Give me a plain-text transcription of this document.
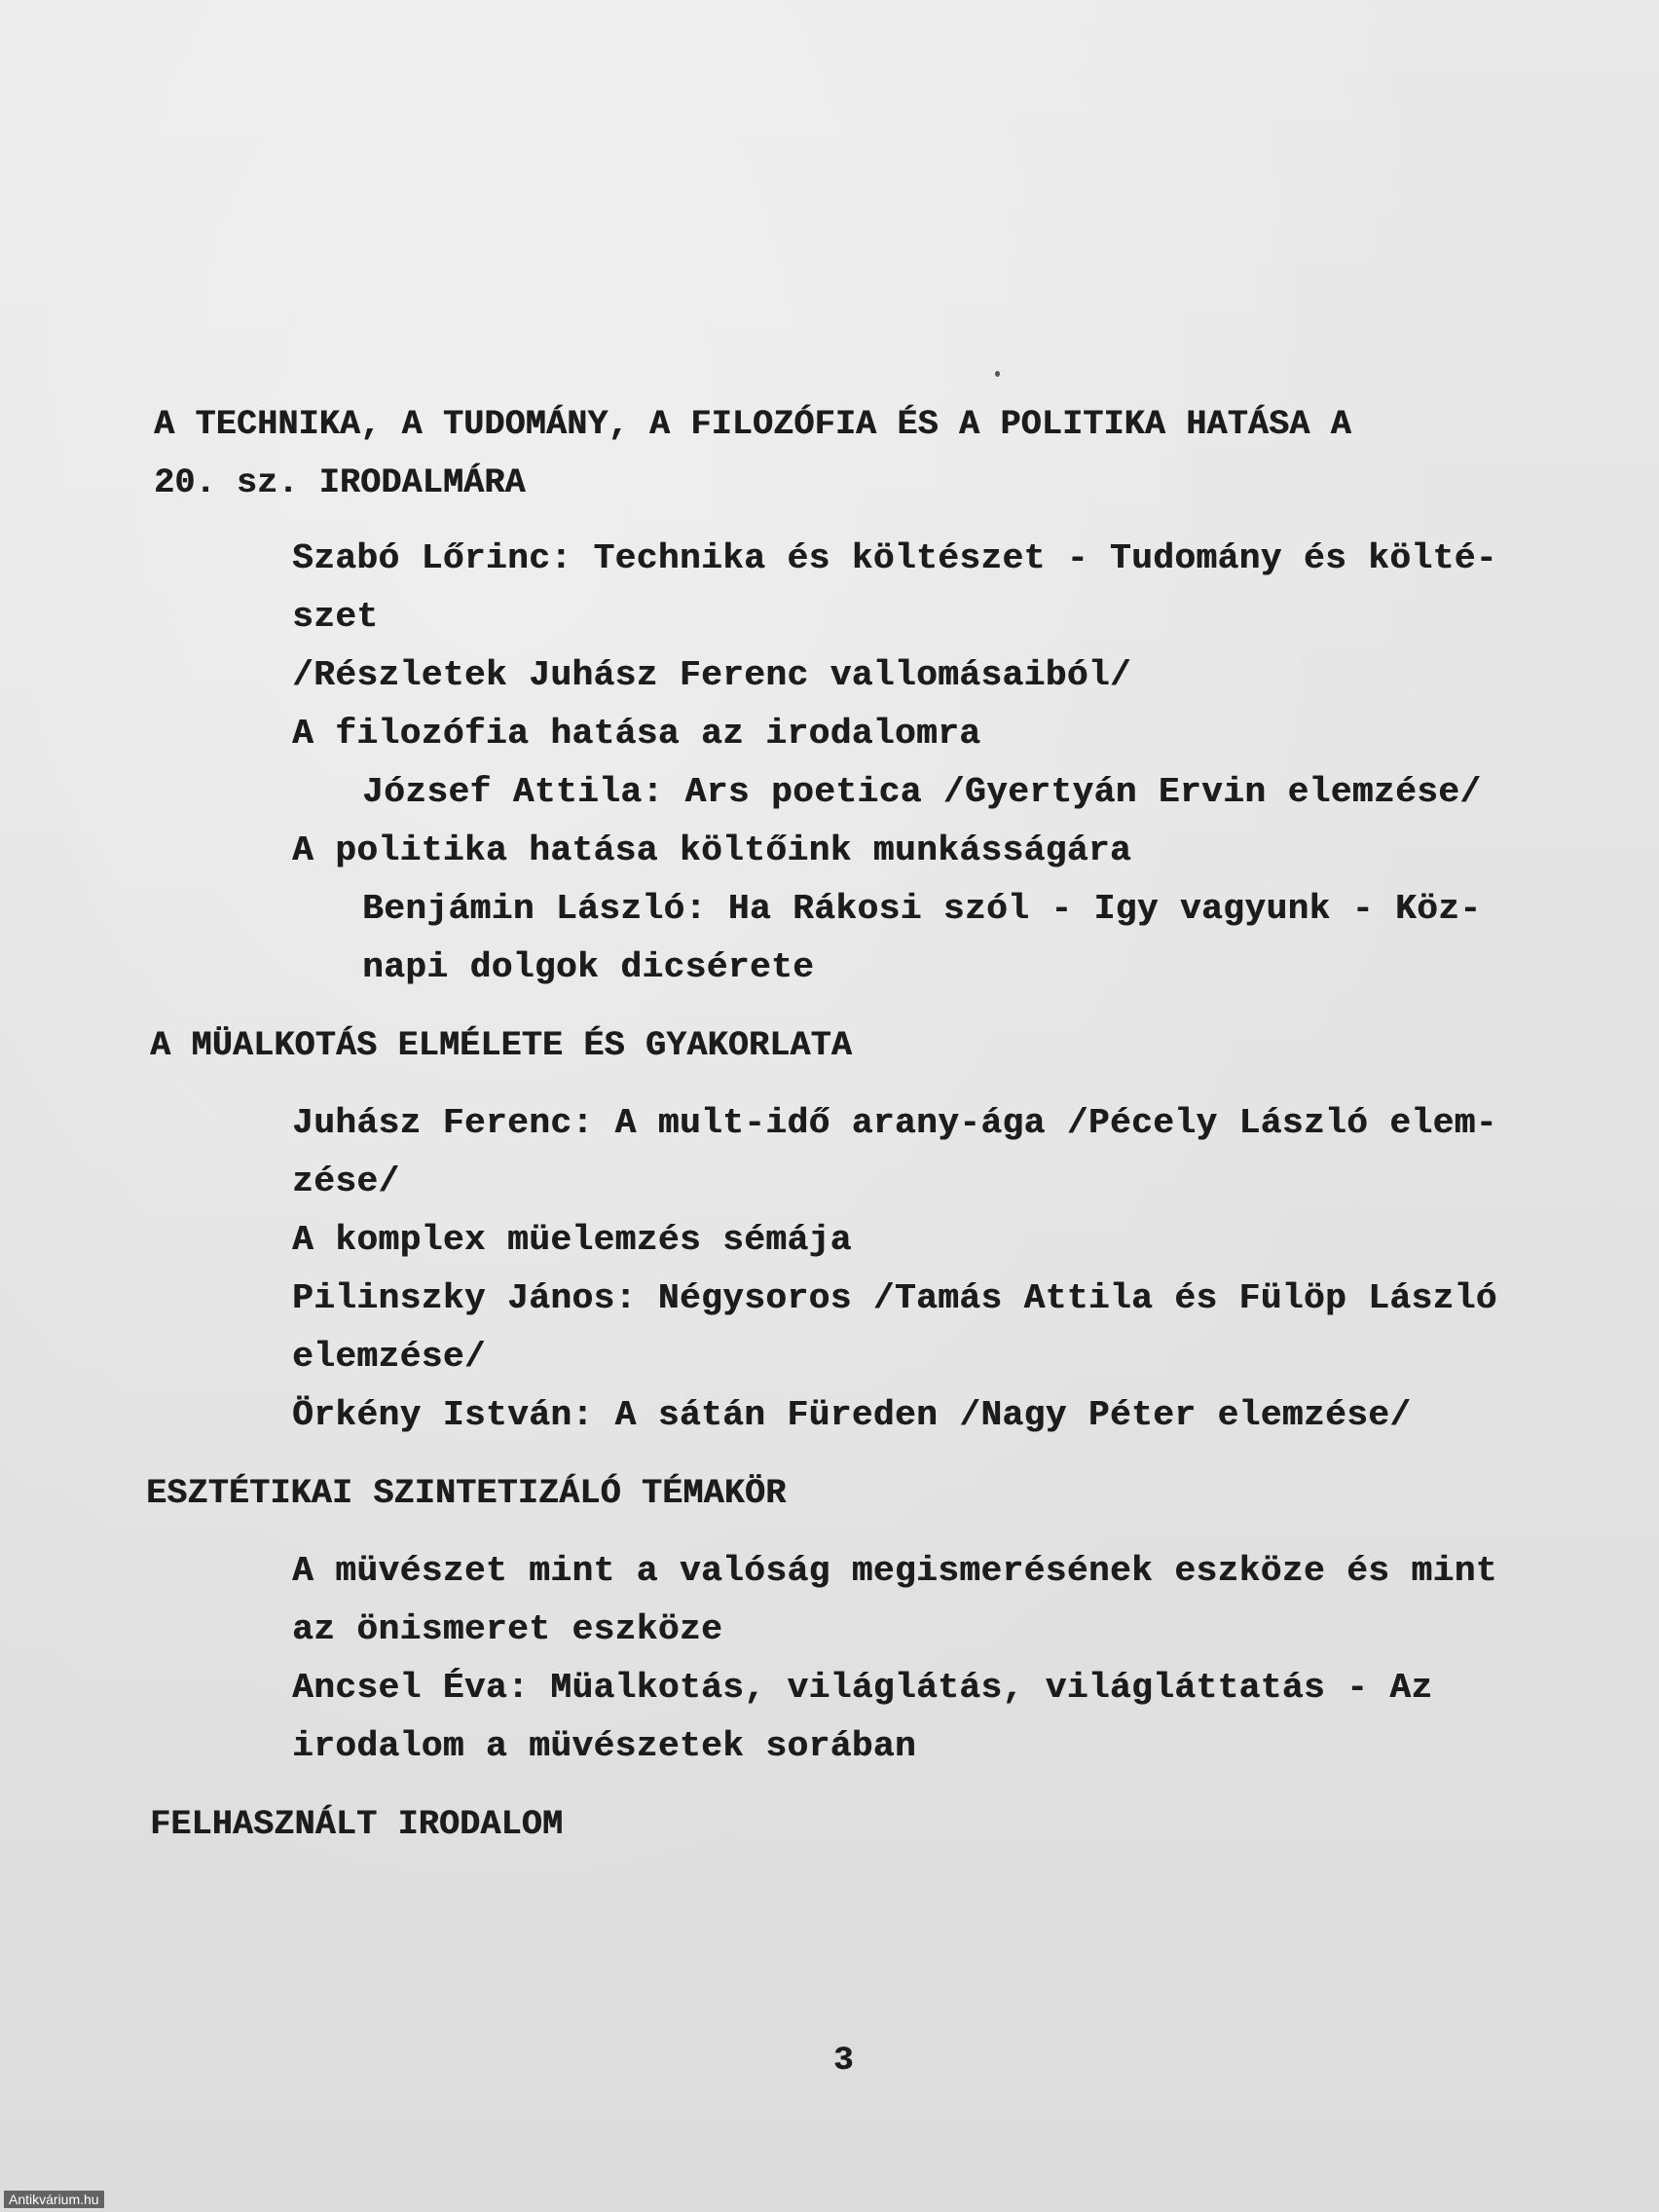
A TECHNIKA, A TUDOMÁNY, A FILOZÓFIA ÉS A POLITIKA HATÁSA A
20. sz. IRODALMÁRA
Szabó Lőrinc: Technika és költészet - Tudomány és költé-
szet
/Részletek Juhász Ferenc vallomásaiból/
A filozófia hatása az irodalomra
József Attila: Ars poetica /Gyertyán Ervin elemzése/
A politika hatása költőink munkásságára
Benjámin László: Ha Rákosi szól - Igy vagyunk - Köz-
napi dolgok dicsérete
A MÜALKOTÁS ELMÉLETE ÉS GYAKORLATA
Juhász Ferenc: A mult-idő arany-ága /Pécely László elem-
zése/
A komplex müelemzés sémája
Pilinszky János: Négysoros /Tamás Attila és Fülöp László
elemzése/
Örkény István: A sátán Füreden /Nagy Péter elemzése/
ESZTÉTIKAI SZINTETIZÁLÓ TÉMAKÖR
A müvészet mint a valóság megismerésének eszköze és mint
az önismeret eszköze
Ancsel Éva: Müalkotás, világlátás, világláttatás - Az
irodalom a müvészetek sorában
FELHASZNÁLT IRODALOM
3
Antikvárium.hu
